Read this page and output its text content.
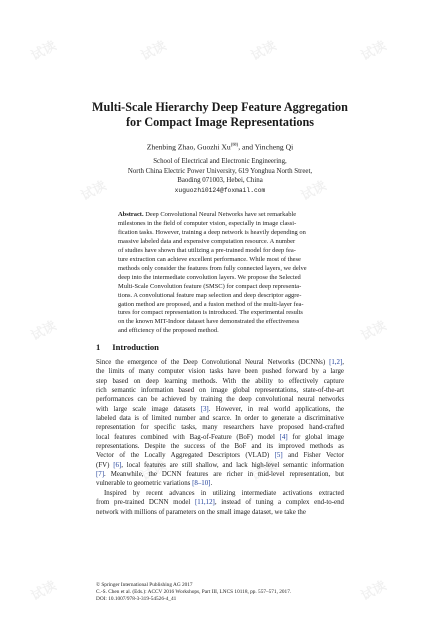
试读	试读	试读	试读
试读	试读
试读	试读
试读	试读
试读	试读
Multi-Scale Hierarchy Deep Feature Aggregation
for Compact Image Representations
Zhenbing Zhao, Guozhi Xu(✉), and Yincheng Qi
School of Electrical and Electronic Engineering,
North China Electric Power University, 619 Yonghua North Street,
Baoding 071003, Hebei, China
xuguozhi0124@foxmail.com
Abstract. Deep Convolutional Neural Networks have set remarkable
milestones in the field of computer vision, especially in image classi-
fication tasks. However, training a deep network is heavily depending on
massive labeled data and expensive computation resource. A number
of studies have shown that utilizing a pre-trained model for deep fea-
ture extraction can achieve excellent performance. While most of these
methods only consider the features from fully connected layers, we delve
deep into the intermediate convolution layers. We propose the Selected
Multi-Scale Convolution feature (SMSC) for compact deep representa-
tions. A convolutional feature map selection and deep descriptor aggre-
gation method are proposed, and a fusion method of the multi-layer fea-
tures for compact representation is introduced. The experimental results
on the known MIT-Indoor dataset have demonstrated the effectiveness
and efficiency of the proposed method.
1 Introduction
Since the emergence of the Deep Convolutional Neural Networks (DCNNs) [1,2],
the limits of many computer vision tasks have been pushed forward by a large
step based on deep learning methods. With the ability to effectively capture
rich semantic information based on image global representations, state-of-the-art
performances can be achieved by training the deep convolutional neural networks
with large scale image datasets [3]. However, in real world applications, the
labeled data is of limited number and scarce. In order to generate a discriminative
representation for specific tasks, many researchers have proposed hand-crafted
local features combined with Bag-of-Feature (BoF) model [4] for global image
representations. Despite the success of the BoF and its improved methods as
Vector of the Locally Aggregated Descriptors (VLAD) [5] and Fisher Vector
(FV) [6], local features are still shallow, and lack high-level semantic information
[7]. Meanwhile, the DCNN features are richer in mid-level representation, but
vulnerable to geometric variations [8–10].
Inspired by recent advances in utilizing intermediate activations extracted
from pre-trained DCNN model [11,12], instead of tuning a complex end-to-end
network with millions of parameters on the small image dataset, we take the
© Springer International Publishing AG 2017
C.-S. Chen et al. (Eds.): ACCV 2016 Workshops, Part III, LNCS 10118, pp. 557–571, 2017.
DOI: 10.1007/978-3-319-54526-4_41
